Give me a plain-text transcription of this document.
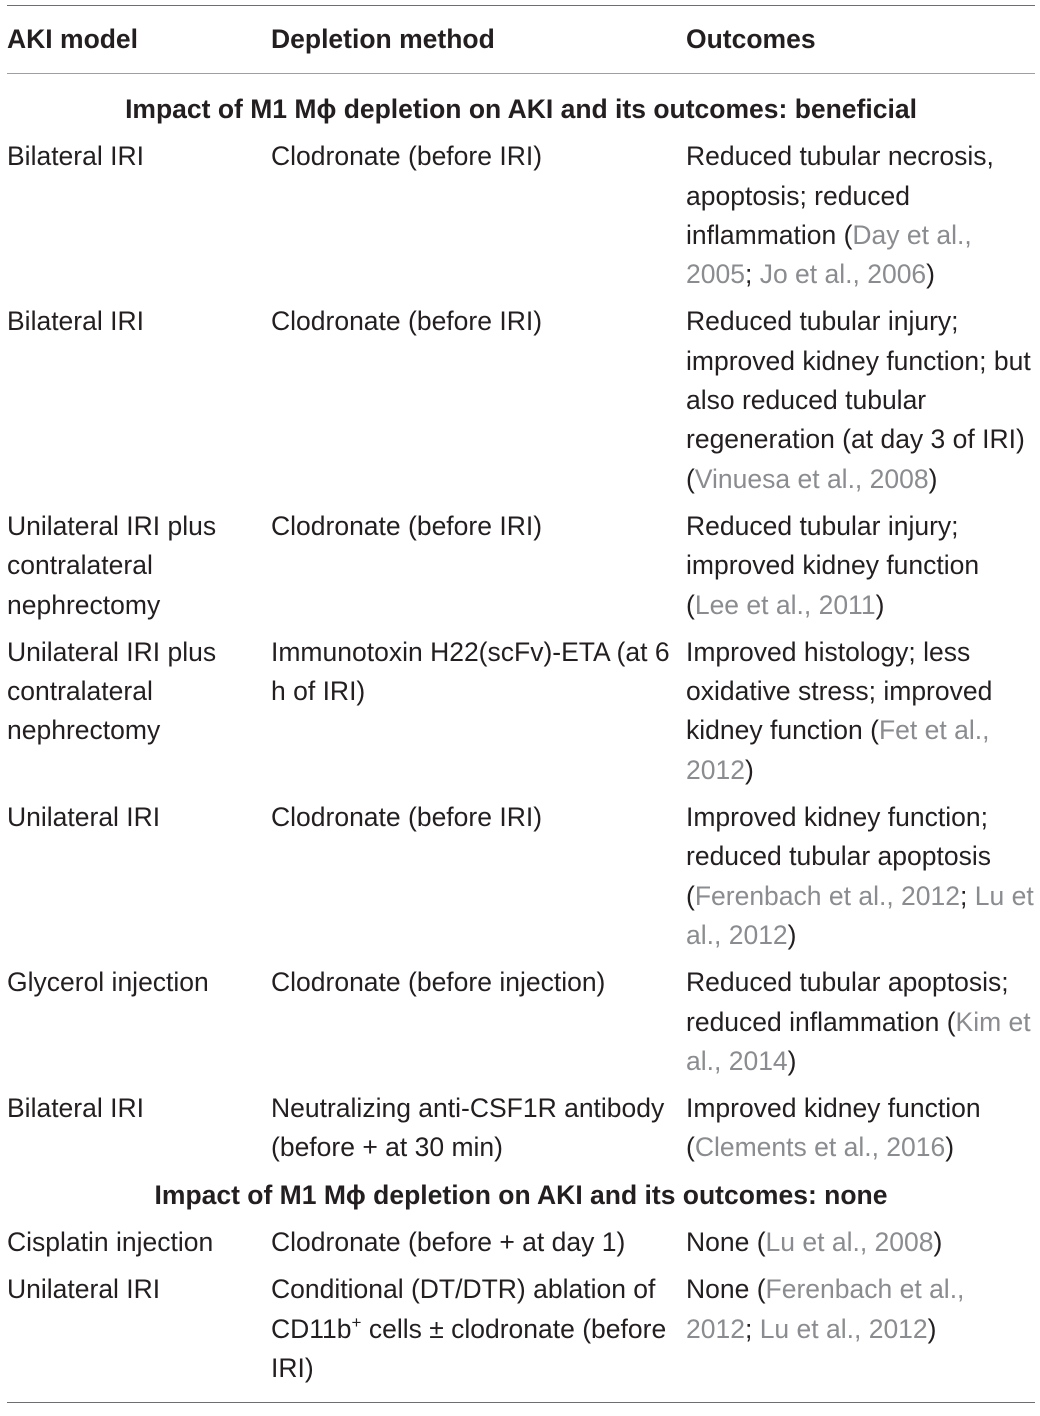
AKI model	Depletion method	Outcomes

Impact of M1 Mϕ depletion on AKI and its outcomes: beneficial		
Bilateral IRI	Clodronate (before IRI)	Reduced tubular necrosis, apoptosis; reduced inflammation (Day et al., 2005; Jo et al., 2006)
Bilateral IRI	Clodronate (before IRI)	Reduced tubular injury; improved kidney function; but also reduced tubular regeneration (at day 3 of IRI) (Vinuesa et al., 2008)
Unilateral IRI plus contralateral nephrectomy	Clodronate (before IRI)	Reduced tubular injury; improved kidney function (Lee et al., 2011)
Unilateral IRI plus contralateral nephrectomy	Immunotoxin H22(scFv)-ETA (at 6 h of IRI)	Improved histology; less oxidative stress; improved kidney function (Fet et al., 2012)
Unilateral IRI	Clodronate (before IRI)	Improved kidney function; reduced tubular apoptosis (Ferenbach et al., 2012; Lu et al., 2012)
Glycerol injection	Clodronate (before injection)	Reduced tubular apoptosis; reduced inflammation (Kim et al., 2014)
Bilateral IRI	Neutralizing anti-CSF1R antibody (before + at 30 min)	Improved kidney function (Clements et al., 2016)
Impact of M1 Mϕ depletion on AKI and its outcomes: none		
Cisplatin injection	Clodronate (before + at day 1)	None (Lu et al., 2008)
Unilateral IRI	Conditional (DT/DTR) ablation of CD11b+ cells ± clodronate (before IRI)	None (Ferenbach et al., 2012; Lu et al., 2012)
